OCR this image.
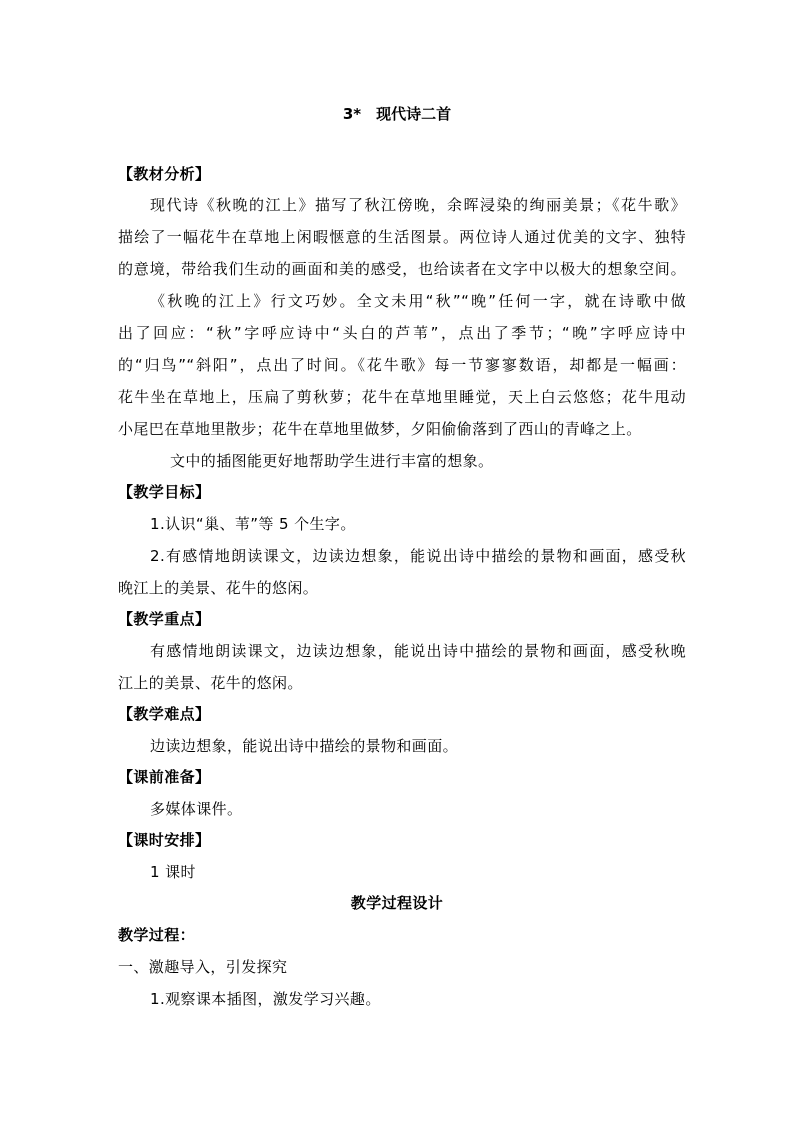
3*　现代诗二首
【教材分析】
现代诗《秋晚的江上》描写了秋江傍晚，余晖浸染的绚丽美景；《花牛歌》
描绘了一幅花牛在草地上闲暇惬意的生活图景。两位诗人通过优美的文字、独特
的意境，带给我们生动的画面和美的感受，也给读者在文字中以极大的想象空间。
《秋晚的江上》行文巧妙。全文未用“秋”“晚”任何一字，就在诗歌中做
出了回应：“秋”字呼应诗中“头白的芦苇”，点出了季节；“晚”字呼应诗中
的“归鸟”“斜阳”，点出了时间。《花牛歌》每一节寥寥数语，却都是一幅画：
花牛坐在草地上，压扁了剪秋萝；花牛在草地里睡觉，天上白云悠悠；花牛甩动
小尾巴在草地里散步；花牛在草地里做梦，夕阳偷偷落到了西山的青峰之上。
文中的插图能更好地帮助学生进行丰富的想象。
【教学目标】
1.认识“巢、苇”等 5 个生字。
2.有感情地朗读课文，边读边想象，能说出诗中描绘的景物和画面，感受秋
晚江上的美景、花牛的悠闲。
【教学重点】
有感情地朗读课文，边读边想象，能说出诗中描绘的景物和画面，感受秋晚
江上的美景、花牛的悠闲。
【教学难点】
边读边想象，能说出诗中描绘的景物和画面。
【课前准备】
多媒体课件。
【课时安排】
1 课时
教学过程设计
教学过程：
一、激趣导入，引发探究
1.观察课本插图，激发学习兴趣。
